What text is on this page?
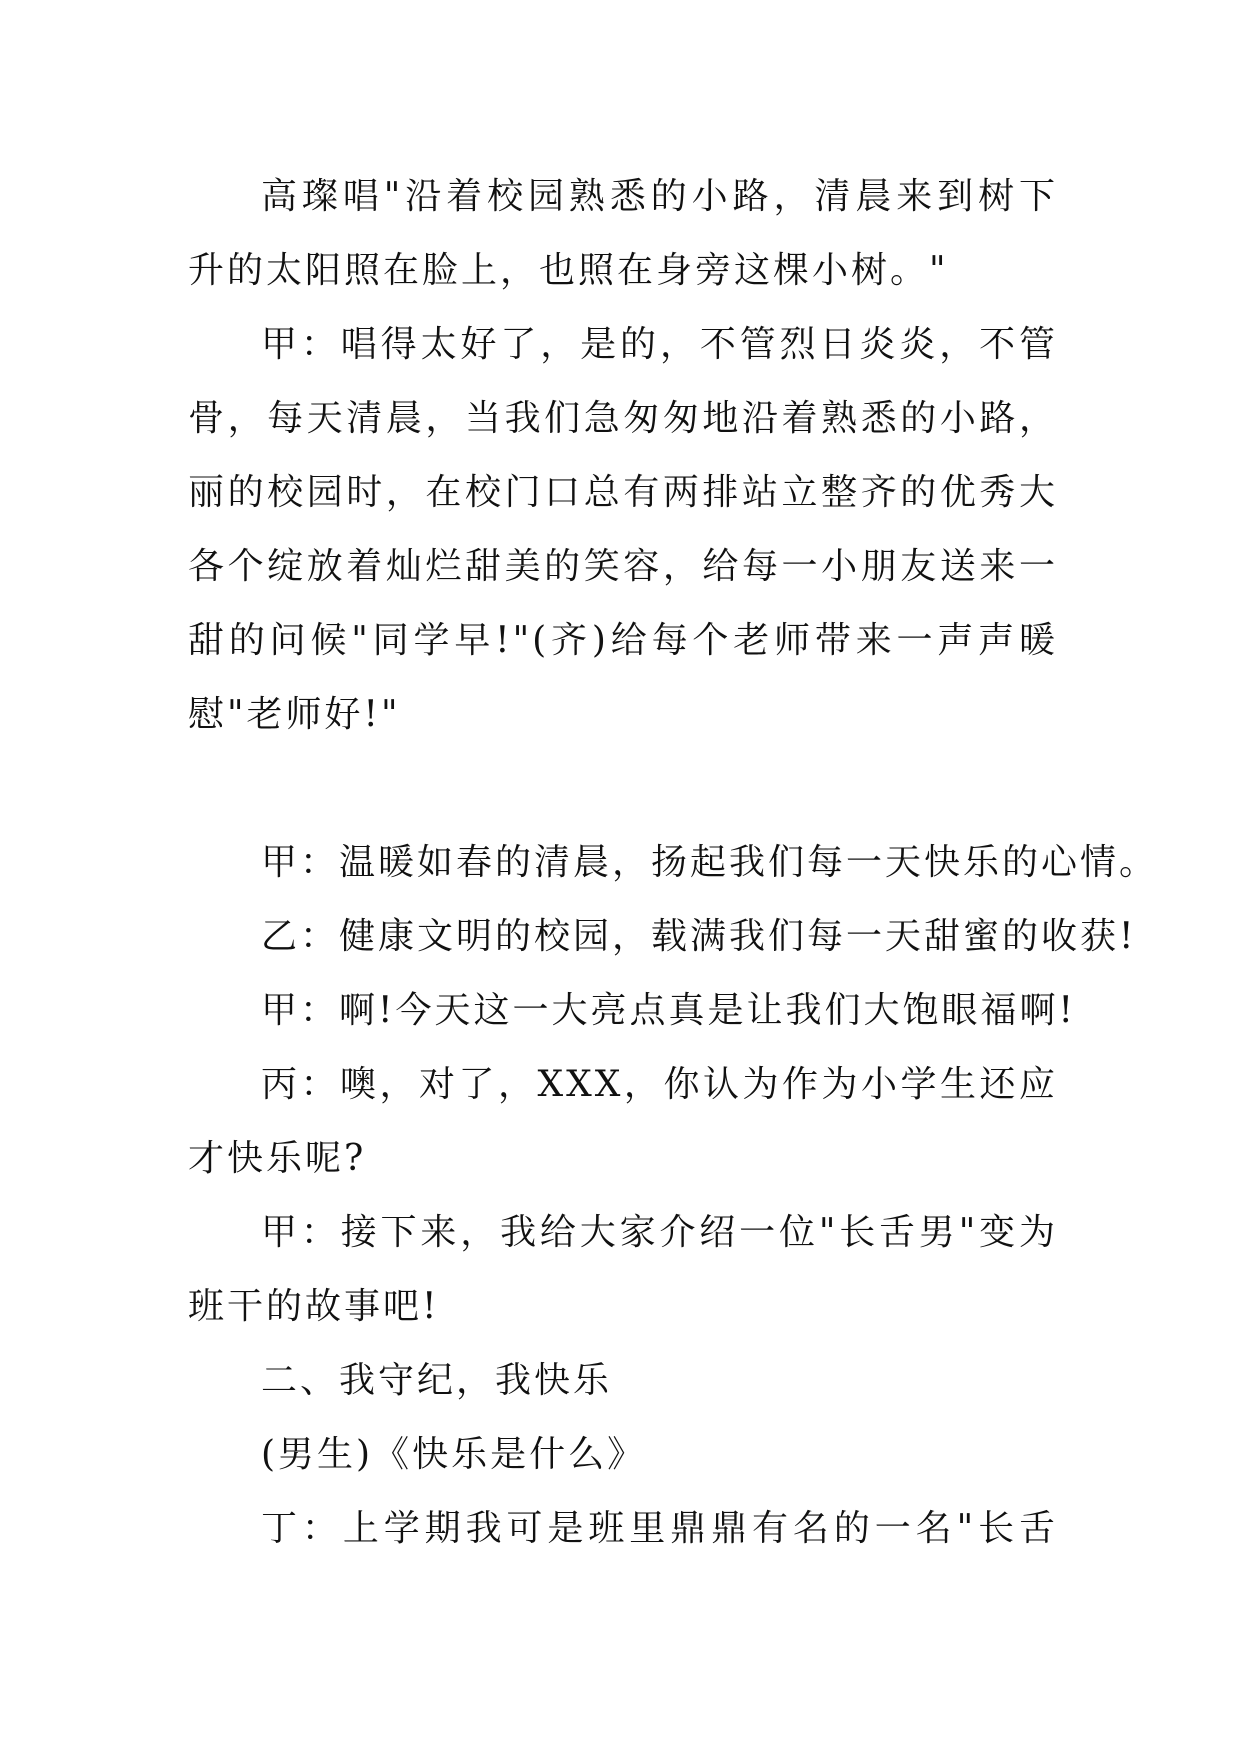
高璨唱"沿着校园熟悉的小路，清晨来到树下
升的太阳照在脸上，也照在身旁这棵小树。"
甲：唱得太好了，是的，不管烈日炎炎，不管
骨，每天清晨，当我们急匆匆地沿着熟悉的小路，
丽的校园时，在校门口总有两排站立整齐的优秀大
各个绽放着灿烂甜美的笑容，给每一小朋友送来一
甜的问候"同学早!"(齐)给每个老师带来一声声暖
慰"老师好!"
甲：温暖如春的清晨，扬起我们每一天快乐的心情。
乙：健康文明的校园，载满我们每一天甜蜜的收获!
甲：啊!今天这一大亮点真是让我们大饱眼福啊!
丙：噢，对了，XXX，你认为作为小学生还应
才快乐呢?
甲：接下来，我给大家介绍一位"长舌男"变为
班干的故事吧!
二、我守纪，我快乐
(男生)《快乐是什么》
丁：上学期我可是班里鼎鼎有名的一名"长舌
